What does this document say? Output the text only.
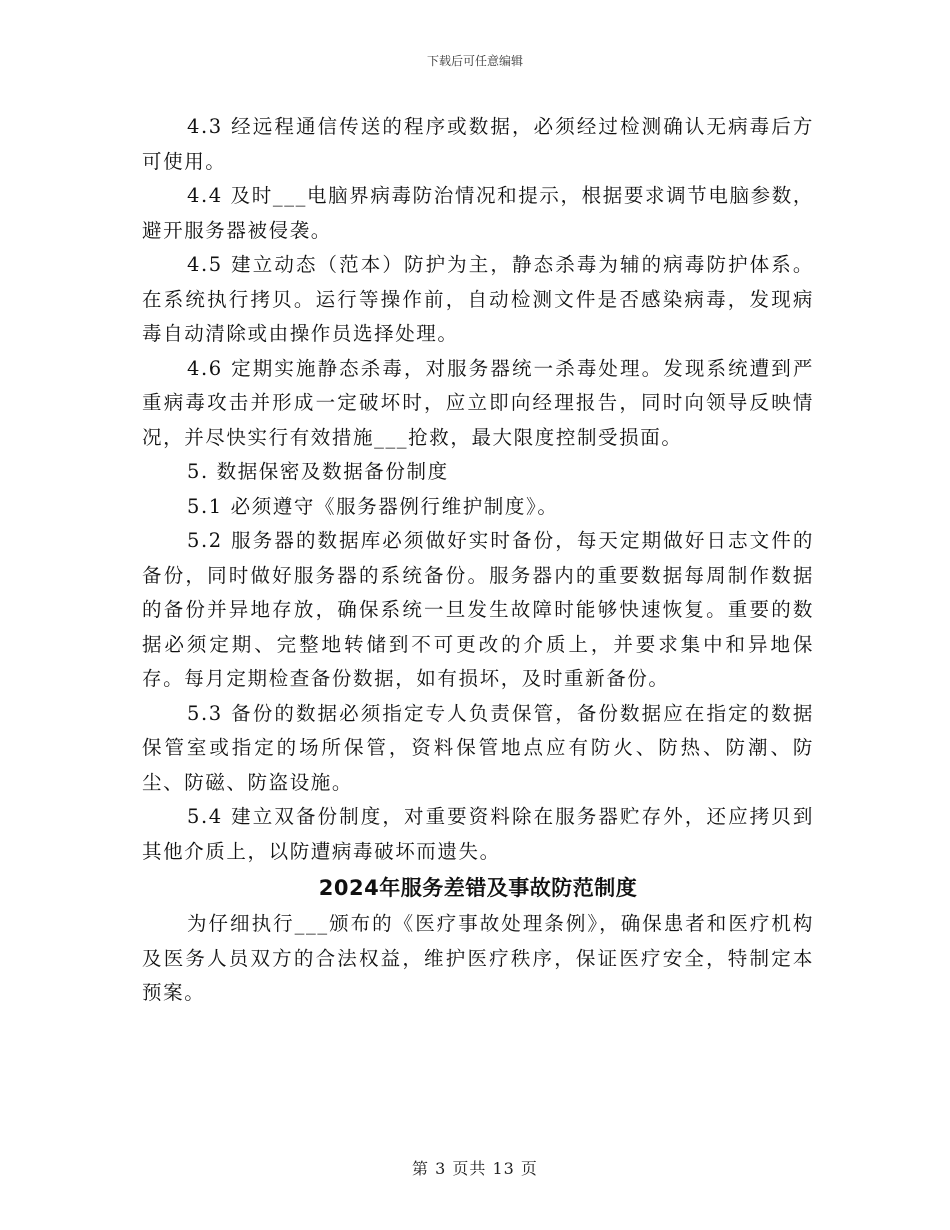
下载后可任意编辑

4.3 经远程通信传送的程序或数据，必须经过检测确认无病毒后方可使用。

4.4 及时___电脑界病毒防治情况和提示，根据要求调节电脑参数，避开服务器被侵袭。

4.5 建立动态（范本）防护为主，静态杀毒为辅的病毒防护体系。在系统执行拷贝。运行等操作前，自动检测文件是否感染病毒，发现病毒自动清除或由操作员选择处理。

4.6 定期实施静态杀毒，对服务器统一杀毒处理。发现系统遭到严重病毒攻击并形成一定破坏时，应立即向经理报告，同时向领导反映情况，并尽快实行有效措施___抢救，最大限度控制受损面。

5. 数据保密及数据备份制度

5.1 必须遵守《服务器例行维护制度》。

5.2 服务器的数据库必须做好实时备份，每天定期做好日志文件的备份，同时做好服务器的系统备份。服务器内的重要数据每周制作数据的备份并异地存放，确保系统一旦发生故障时能够快速恢复。重要的数据必须定期、完整地转储到不可更改的介质上，并要求集中和异地保存。每月定期检查备份数据，如有损坏，及时重新备份。

5.3 备份的数据必须指定专人负责保管，备份数据应在指定的数据保管室或指定的场所保管，资料保管地点应有防火、防热、防潮、防尘、防磁、防盗设施。

5.4 建立双备份制度，对重要资料除在服务器贮存外，还应拷贝到其他介质上，以防遭病毒破坏而遗失。

2024年服务差错及事故防范制度

为仔细执行___颁布的《医疗事故处理条例》，确保患者和医疗机构及医务人员双方的合法权益，维护医疗秩序，保证医疗安全，特制定本预案。

第 3 页共 13 页
